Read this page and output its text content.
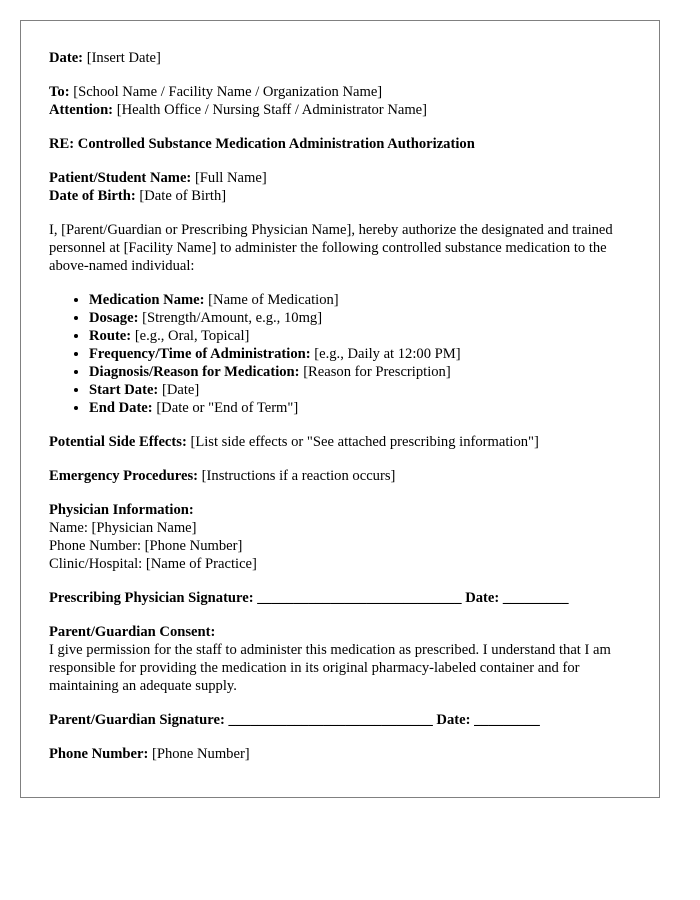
Date: [Insert Date]

To: [School Name / Facility Name / Organization Name]
Attention: [Health Office / Nursing Staff / Administrator Name]

RE: Controlled Substance Medication Administration Authorization

Patient/Student Name: [Full Name]
Date of Birth: [Date of Birth]

I, [Parent/Guardian or Prescribing Physician Name], hereby authorize the designated and trained personnel at [Facility Name] to administer the following controlled substance medication to the above-named individual:

• Medication Name: [Name of Medication]
• Dosage: [Strength/Amount, e.g., 10mg]
• Route: [e.g., Oral, Topical]
• Frequency/Time of Administration: [e.g., Daily at 12:00 PM]
• Diagnosis/Reason for Medication: [Reason for Prescription]
• Start Date: [Date]
• End Date: [Date or "End of Term"]

Potential Side Effects: [List side effects or "See attached prescribing information"]

Emergency Procedures: [Instructions if a reaction occurs]

Physician Information:
Name: [Physician Name]
Phone Number: [Phone Number]
Clinic/Hospital: [Name of Practice]

Prescribing Physician Signature: ____________________________ Date: _________

Parent/Guardian Consent:
I give permission for the staff to administer this medication as prescribed. I understand that I am responsible for providing the medication in its original pharmacy-labeled container and for maintaining an adequate supply.

Parent/Guardian Signature: ____________________________ Date: _________

Phone Number: [Phone Number]
